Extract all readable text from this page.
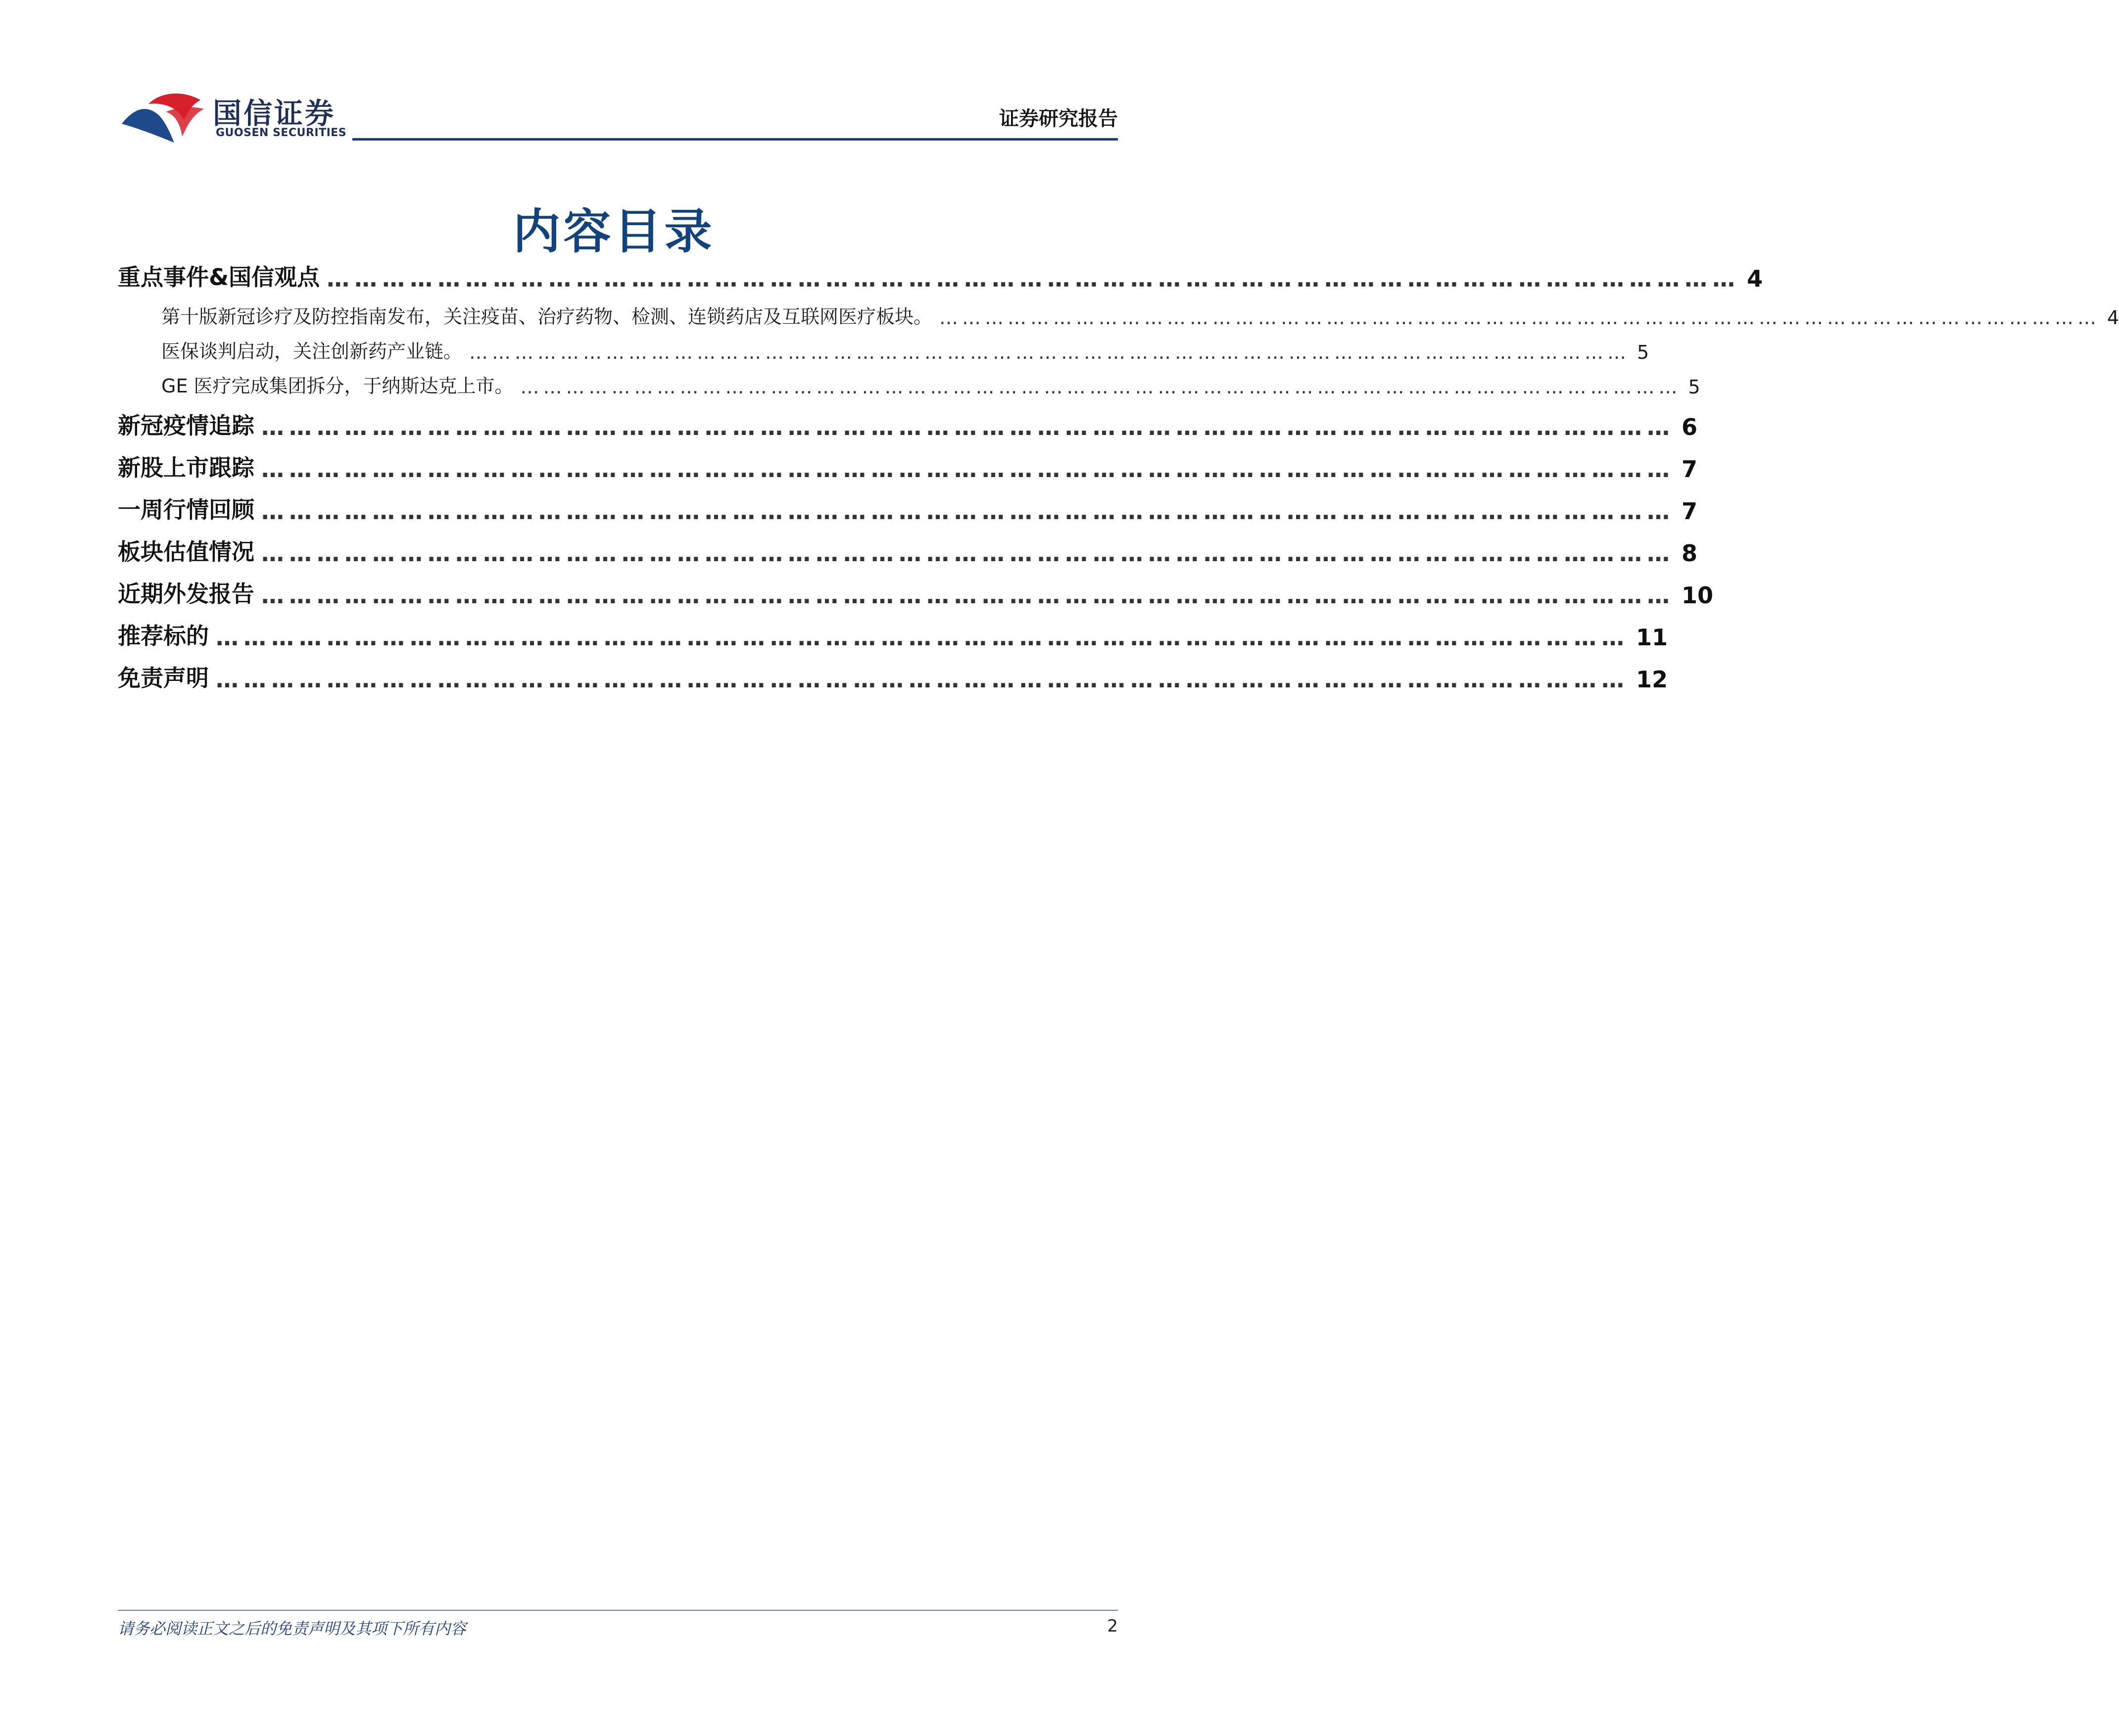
国信证券
GUOSEN SECURITIES
证券研究报告
内容目录
重点事件&国信观点 ……………………………………………………………………………………………………………………………………… 4
第十版新冠诊疗及防控指南发布，关注疫苗、治疗药物、检测、连锁药店及互联网医疗板块。 ……………………………………………………………………………………………………………………………………… 4
医保谈判启动，关注创新药产业链。 ……………………………………………………………………………………………………………………………………… 5
GE 医疗完成集团拆分，于纳斯达克上市。 ……………………………………………………………………………………………………………………………………… 5
新冠疫情追踪 ……………………………………………………………………………………………………………………………………… 6
新股上市跟踪 ……………………………………………………………………………………………………………………………………… 7
一周行情回顾 ……………………………………………………………………………………………………………………………………… 7
板块估值情况 ……………………………………………………………………………………………………………………………………… 8
近期外发报告 ……………………………………………………………………………………………………………………………………… 10
推荐标的 ……………………………………………………………………………………………………………………………………… 11
免责声明 ……………………………………………………………………………………………………………………………………… 12
请务必阅读正文之后的免责声明及其项下所有内容	2
